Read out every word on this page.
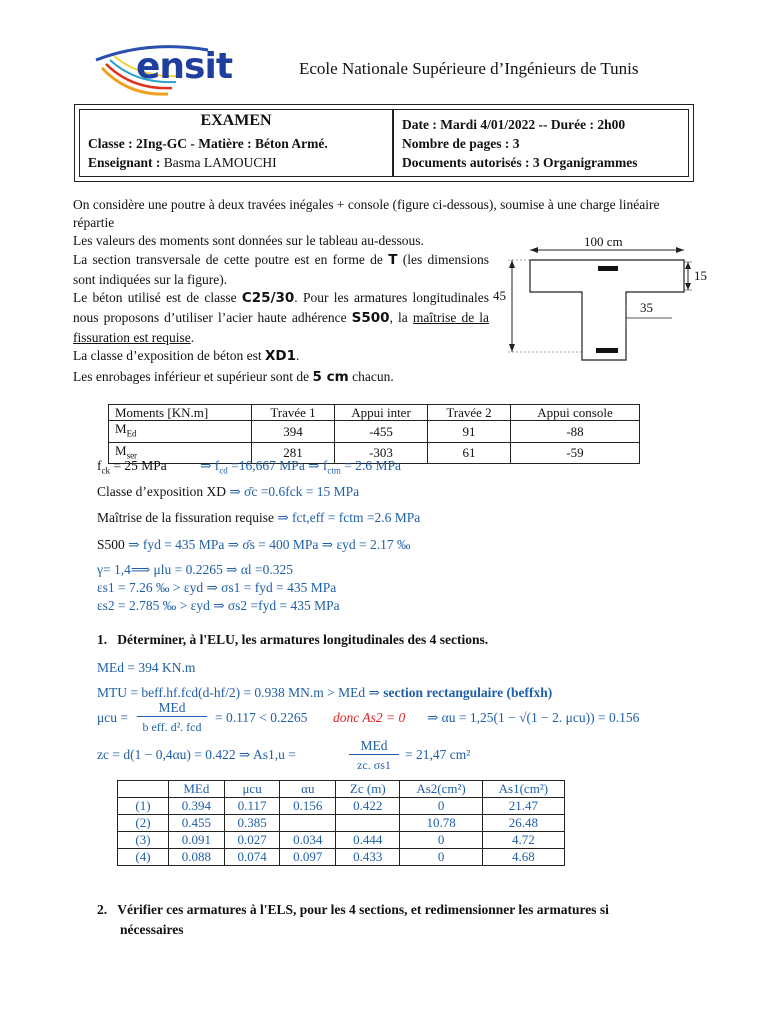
ensit	Ecole Nationale Supérieure d’Ingénieurs de Tunis
EXAMEN
Classe : 2Ing-GC - Matière : Béton Armé.
Enseignant : Basma LAMOUCHI
Date : Mardi 4/01/2022 -- Durée : 2h00
Nombre de pages : 3
Documents autorisés : 3 Organigrammes
On considère une poutre à deux travées inégales + console (figure ci-dessous), soumise à une charge linéaire répartie
Les valeurs des moments sont données sur le tableau au-dessous.
La section transversale de cette poutre est en forme de T (les dimensions sont indiquées sur la figure).
Le béton utilisé est de classe C25/30. Pour les armatures longitudinales nous proposons d’utiliser l’acier haute adhérence S500, la maîtrise de la fissuration est requise.
La classe d’exposition de béton est XD1.
Les enrobages inférieur et supérieur sont de 5 cm chacun.
100 cm
45
15
35
Moments [KN.m]	Travée 1	Appui inter	Travée 2	Appui console
$M_{Ed}$	394	-455	91	-88
$M_{ser}$	281	-303	61	-59
$f_{ck} = 25$ MPa ⇒ $f_{cd} =16,667$ MPa ⇒ $f_{ctm} = 2.6$ MPa
Classe d’exposition XD ⇒ σ̄c =0.6fck = 15 MPa
Maîtrise de la fissuration requise ⇒ fct,eff = fctm =2.6 MPa
S500 ⇒ fyd = 435 MPa ⇒ σ̄s = 400 MPa ⇒ εyd = 2.17 ‰
γ= 1,4⟹ μlu = 0.2265 ⇒ αl =0.325
εs1 = 7.26 ‰ > εyd ⇒ σs1 = fyd = 435 MPa
εs2 = 2.785 ‰ > εyd ⇒ σs2 =fyd = 435 MPa
1. Déterminer, à l'ELU, les armatures longitudinales des 4 sections.
MEd = 394 KN.m
MTU = beff.hf.fcd(d-hf/2) = 0.938 MN.m > MEd ⇒ section rectangulaire (beffxh)
μcu =
MEd
b eff. d². fcd
= 0.117 < 0.2265 donc As2 = 0 ⇒ αu = 1,25(1 − √(1 − 2. μcu)) = 0.156
zc = d(1 − 0,4αu) = 0.422 ⇒ As1,u =
MEd
zc. σs1
= 21,47 cm²
	MEd	μcu	αu	Zc (m)	As2(cm²)	As1(cm²)
(1)	0.394	0.117	0.156	0.422	0	21.47
(2)	0.455	0.385			10.78	26.48
(3)	0.091	0.027	0.034	0.444	0	4.72
(4)	0.088	0.074	0.097	0.433	0	4.68
2. Vérifier ces armatures à l'ELS, pour les 4 sections, et redimensionner les armatures si
nécessaires
